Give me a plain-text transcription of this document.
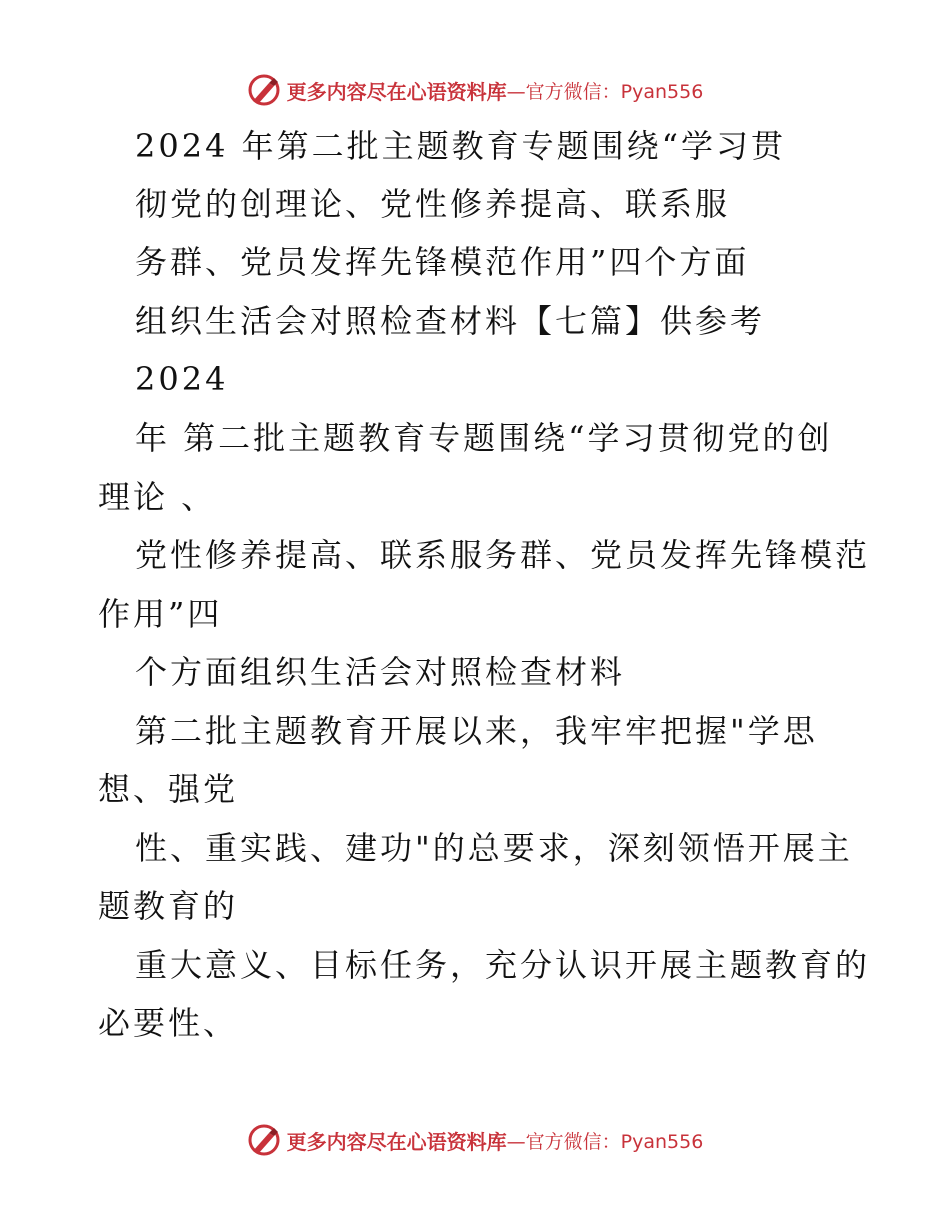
更多内容尽在心语资料库 —官方微信：Pyan556
2024 年第二批主题教育专题围绕“学习贯
彻党的创理论、党性修养提高、联系服
务群、党员发挥先锋模范作用”四个方面
组织生活会对照检查材料【七篇】供参考
2024
年 第二批主题教育专题围绕“学习贯彻党的创
理论 、
党性修养提高、联系服务群、党员发挥先锋模范
作用”四
个方面组织生活会对照检查材料
第二批主题教育开展以来，我牢牢把握"学思
想、强党
性、重实践、建功"的总要求，深刻领悟开展主
题教育的
重大意义、目标任务，充分认识开展主题教育的
必要性、
更多内容尽在心语资料库 —官方微信：Pyan556
